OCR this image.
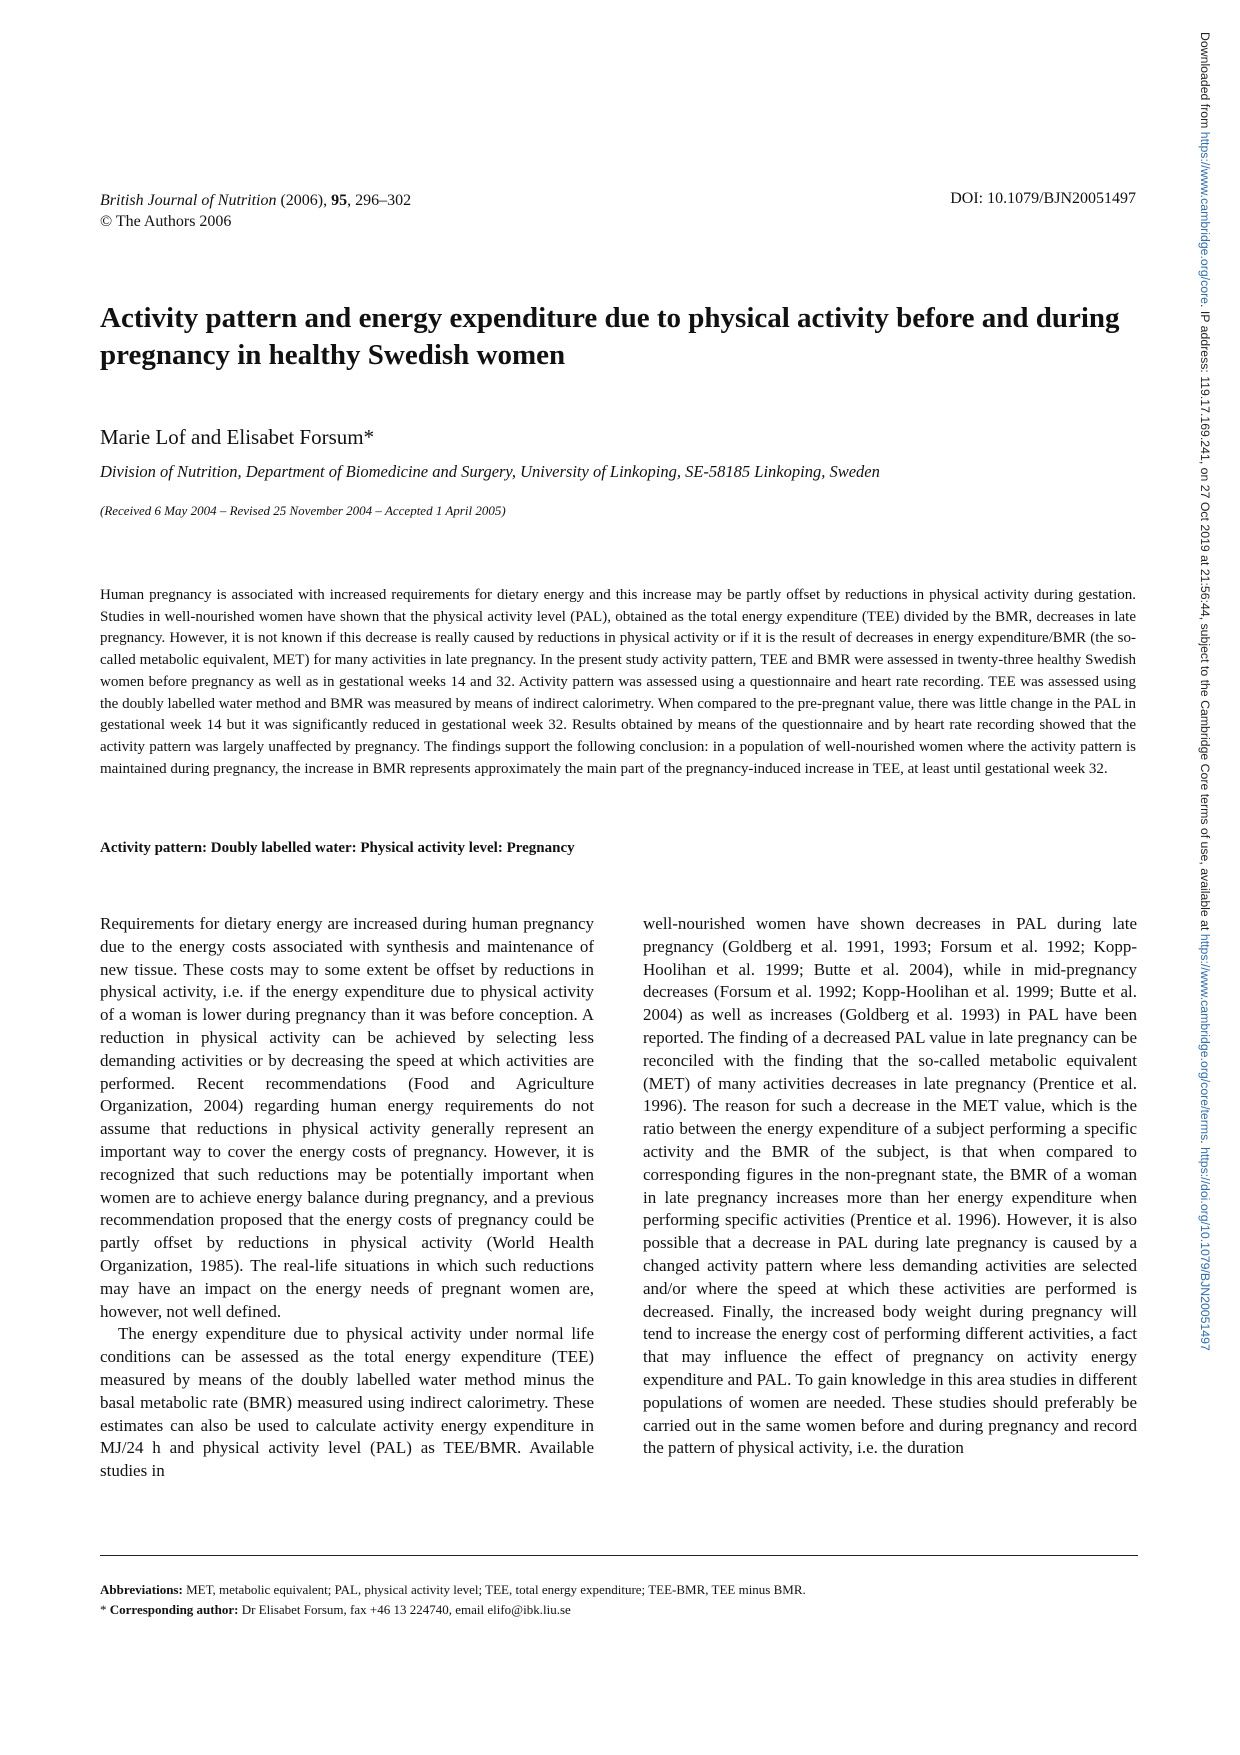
British Journal of Nutrition (2006), 95, 296–302
© The Authors 2006
DOI: 10.1079/BJN20051497
Activity pattern and energy expenditure due to physical activity before and during pregnancy in healthy Swedish women
Marie Lof and Elisabet Forsum*
Division of Nutrition, Department of Biomedicine and Surgery, University of Linkoping, SE-58185 Linkoping, Sweden
(Received 6 May 2004 – Revised 25 November 2004 – Accepted 1 April 2005)

Human pregnancy is associated with increased requirements for dietary energy and this increase may be partly offset by reductions in physical activity during gestation. Studies in well-nourished women have shown that the physical activity level (PAL), obtained as the total energy expenditure (TEE) divided by the BMR, decreases in late pregnancy. However, it is not known if this decrease is really caused by reductions in physical activity or if it is the result of decreases in energy expenditure/BMR (the so-called metabolic equivalent, MET) for many activities in late pregnancy. In the present study activity pattern, TEE and BMR were assessed in twenty-three healthy Swedish women before pregnancy as well as in gestational weeks 14 and 32. Activity pattern was assessed using a questionnaire and heart rate recording. TEE was assessed using the doubly labelled water method and BMR was measured by means of indirect calorimetry. When compared to the pre-pregnant value, there was little change in the PAL in gestational week 14 but it was significantly reduced in gestational week 32. Results obtained by means of the questionnaire and by heart rate recording showed that the activity pattern was largely unaffected by pregnancy. The findings support the following conclusion: in a population of well-nourished women where the activity pattern is maintained during pregnancy, the increase in BMR represents approximately the main part of the pregnancy-induced increase in TEE, at least until gestational week 32.

Activity pattern: Doubly labelled water: Physical activity level: Pregnancy

Requirements for dietary energy are increased during human pregnancy due to the energy costs associated with synthesis and maintenance of new tissue. These costs may to some extent be offset by reductions in physical activity, i.e. if the energy expenditure due to physical activity of a woman is lower during pregnancy than it was before conception. A reduction in physical activity can be achieved by selecting less demanding activities or by decreasing the speed at which activities are performed. Recent recommendations (Food and Agriculture Organization, 2004) regarding human energy requirements do not assume that reductions in physical activity generally represent an important way to cover the energy costs of pregnancy. However, it is recognized that such reductions may be potentially important when women are to achieve energy balance during pregnancy, and a previous recommendation proposed that the energy costs of pregnancy could be partly offset by reductions in physical activity (World Health Organization, 1985). The real-life situations in which such reductions may have an impact on the energy needs of pregnant women are, however, not well defined.

The energy expenditure due to physical activity under normal life conditions can be assessed as the total energy expenditure (TEE) measured by means of the doubly labelled water method minus the basal metabolic rate (BMR) measured using indirect calorimetry. These estimates can also be used to calculate activity energy expenditure in MJ/24 h and physical activity level (PAL) as TEE/BMR. Available studies in

well-nourished women have shown decreases in PAL during late pregnancy (Goldberg et al. 1991, 1993; Forsum et al. 1992; Kopp-Hoolihan et al. 1999; Butte et al. 2004), while in mid-pregnancy decreases (Forsum et al. 1992; Kopp-Hoolihan et al. 1999; Butte et al. 2004) as well as increases (Goldberg et al. 1993) in PAL have been reported. The finding of a decreased PAL value in late pregnancy can be reconciled with the finding that the so-called metabolic equivalent (MET) of many activities decreases in late pregnancy (Prentice et al. 1996). The reason for such a decrease in the MET value, which is the ratio between the energy expenditure of a subject performing a specific activity and the BMR of the subject, is that when compared to corresponding figures in the non-pregnant state, the BMR of a woman in late pregnancy increases more than her energy expenditure when performing specific activities (Prentice et al. 1996). However, it is also possible that a decrease in PAL during late pregnancy is caused by a changed activity pattern where less demanding activities are selected and/or where the speed at which these activities are performed is decreased. Finally, the increased body weight during pregnancy will tend to increase the energy cost of performing different activities, a fact that may influence the effect of pregnancy on activity energy expenditure and PAL. To gain knowledge in this area studies in different populations of women are needed. These studies should preferably be carried out in the same women before and during pregnancy and record the pattern of physical activity, i.e. the duration

Abbreviations: MET, metabolic equivalent; PAL, physical activity level; TEE, total energy expenditure; TEE-BMR, TEE minus BMR.
* Corresponding author: Dr Elisabet Forsum, fax +46 13 224740, email elifo@ibk.liu.se
Downloaded from https://www.cambridge.org/core. IP address: 119.17.169.241, on 27 Oct 2019 at 21:56:44, subject to the Cambridge Core terms of use, available at https://www.cambridge.org/core/terms. https://doi.org/10.1079/BJN20051497
